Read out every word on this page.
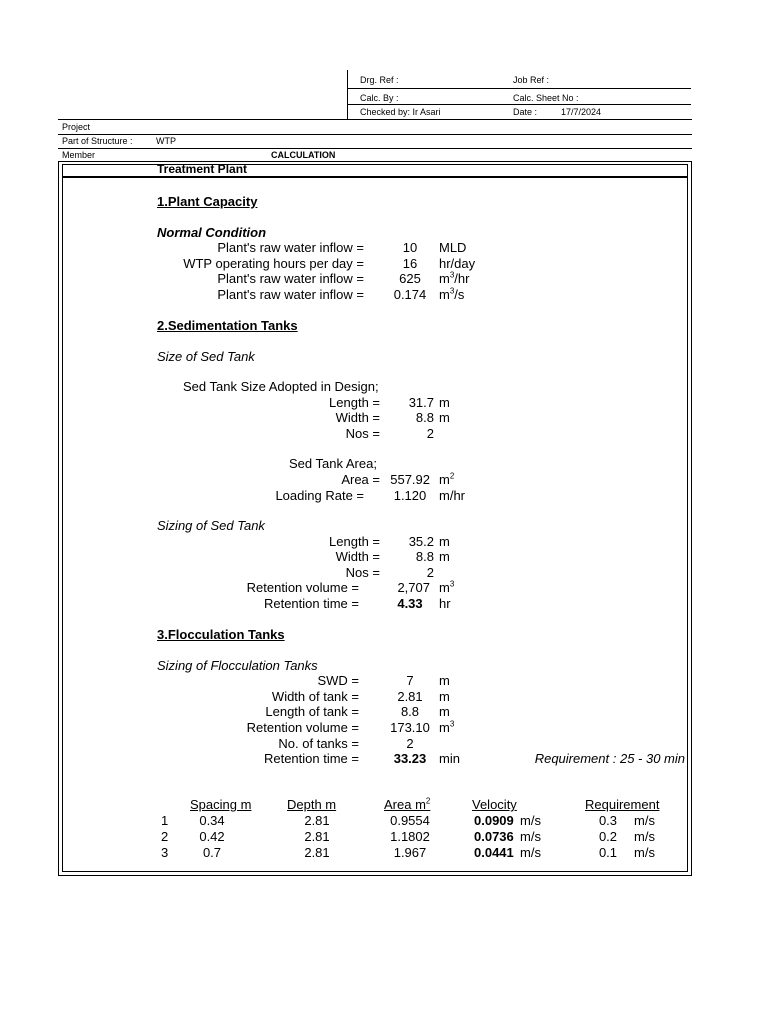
Drg. Ref :	Job Ref :
Calc. By :	Calc. Sheet No :
Checked by: Ir Asari	Date :	17/7/2024
Project
Part of Structure :	WTP
Member	CALCULATION
Treatment Plant
1.Plant Capacity
Normal Condition
Plant's raw water inflow =	10	MLD
WTP operating hours per day =	16	hr/day
Plant's raw water inflow =	625	$m^3/hr$
Plant's raw water inflow =	0.174 $m^3/s$
2.Sedimentation Tanks
Size of Sed Tank
Sed Tank Size Adopted in Design;
Length = 31.7 m
Width =	8.8 m
Nos =	2
Sed Tank Area;
Area = 557.92 $m^2$
Loading Rate =	1.120 m/hr
Sizing of Sed Tank
Length = 35.2 m
Width =	8.8 m
Nos =	2
Retention volume =	2,707 $m^3$
Retention time =	4.33	hr
3.Flocculation Tanks
Sizing of Flocculation Tanks
SWD =	7	m
Width of tank =	2.81	m
Length of tank =	8.8	m
Retention volume =	173.10 $m^3$
No. of tanks =	2
Retention time =	33.23 min	Requirement : 25 - 30 min
Spacing m	Depth m	Area $m^2$	Velocity	Requirement
1	0.34	2.81	0.9554	0.0909 m/s	0.3	m/s
2	0.42	2.81	1.1802	0.0736 m/s	0.2	m/s
3	0.7	2.81	1.967	0.0441 m/s	0.1	m/s
